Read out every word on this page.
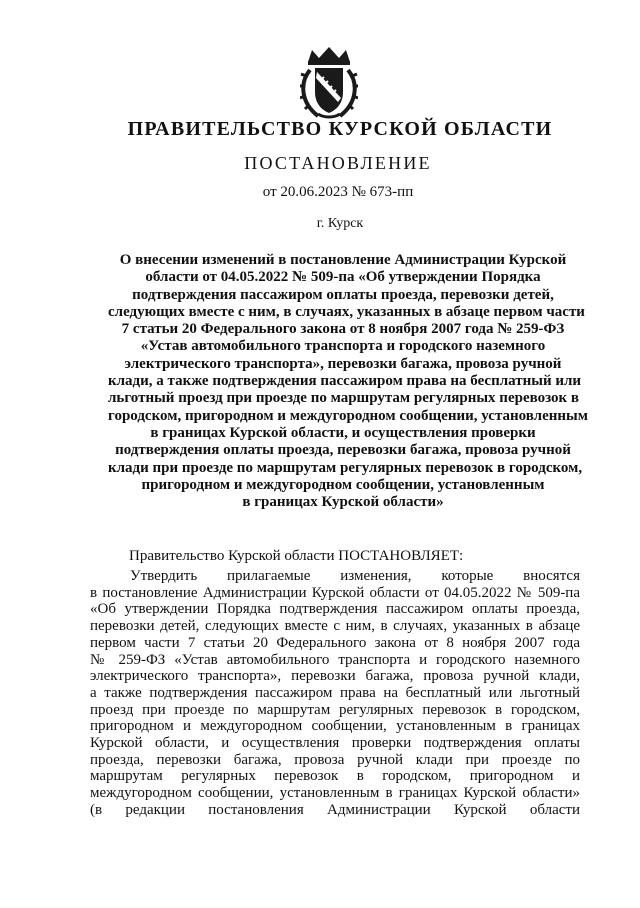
ПРАВИТЕЛЬСТВО КУРСКОЙ ОБЛАСТИ
ПОСТАНОВЛЕНИЕ
от 20.06.2023 № 673-пп
г. Курск
О внесении изменений в постановление Администрации Курской
области от 04.05.2022 № 509-па «Об утверждении Порядка
подтверждения пассажиром оплаты проезда, перевозки детей,
следующих вместе с ним, в случаях, указанных в абзаце первом части
7 статьи 20 Федерального закона от 8 ноября 2007 года № 259-ФЗ
«Устав автомобильного транспорта и городского наземного
электрического транспорта», перевозки багажа, провоза ручной
клади, а также подтверждения пассажиром права на бесплатный или
льготный проезд при проезде по маршрутам регулярных перевозок в
городском, пригородном и междугородном сообщении, установленным
в границах Курской области, и осуществления проверки
подтверждения оплаты проезда, перевозки багажа, провоза ручной
клади при проезде по маршрутам регулярных перевозок в городском,
пригородном и междугородном сообщении, установленным
в границах Курской области»
Правительство Курской области ПОСТАНОВЛЯЕТ:
Утвердить прилагаемые изменения, которые вносятся
в постановление Администрации Курской области от 04.05.2022 № 509-па
«Об утверждении Порядка подтверждения пассажиром оплаты проезда,
перевозки детей, следующих вместе с ним, в случаях, указанных в абзаце
первом части 7 статьи 20 Федерального закона от 8 ноября 2007 года
№ 259-ФЗ «Устав автомобильного транспорта и городского наземного
электрического транспорта», перевозки багажа, провоза ручной клади,
а также подтверждения пассажиром права на бесплатный или льготный
проезд при проезде по маршрутам регулярных перевозок в городском,
пригородном и междугородном сообщении, установленным в границах
Курской области, и осуществления проверки подтверждения оплаты
проезда, перевозки багажа, провоза ручной клади при проезде по
маршрутам регулярных перевозок в городском, пригородном и
междугородном сообщении, установленным в границах Курской области»
(в редакции постановления Администрации Курской области
